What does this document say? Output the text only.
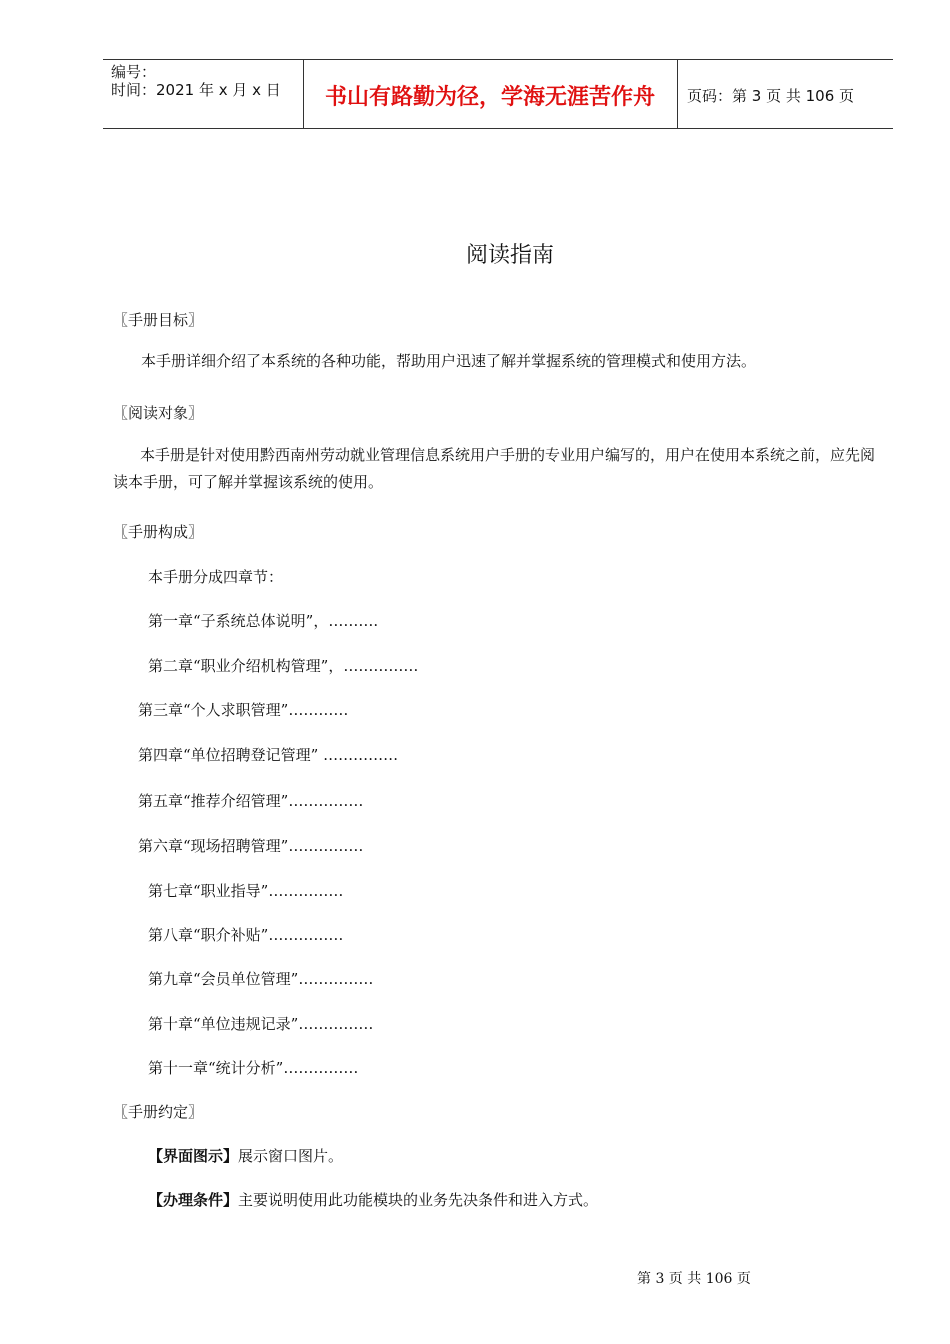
编号：
时间：2021 年 x 月 x 日	书山有路勤为径，学海无涯苦作舟	页码：第 3 页 共 106 页
阅读指南
〖手册目标〗
本手册详细介绍了本系统的各种功能，帮助用户迅速了解并掌握系统的管理模式和使用方法。
〖阅读对象〗
本手册是针对使用黔西南州劳动就业管理信息系统用户手册的专业用户编写的，用户在使用本系统之前，应先阅读本手册，可了解并掌握该系统的使用。
〖手册构成〗
本手册分成四章节：
第一章“子系统总体说明”，……….
第二章“职业介绍机构管理”，……………
第三章“个人求职管理”…………
第四章“单位招聘登记管理” ……………
第五章“推荐介绍管理”……………
第六章“现场招聘管理”……………
第七章“职业指导”……………
第八章“职介补贴”……………
第九章“会员单位管理”……………
第十章“单位违规记录”……………
第十一章“统计分析”……………
〖手册约定〗
【界面图示】展示窗口图片。
【办理条件】主要说明使用此功能模块的业务先决条件和进入方式。
第 3 页 共 106 页
